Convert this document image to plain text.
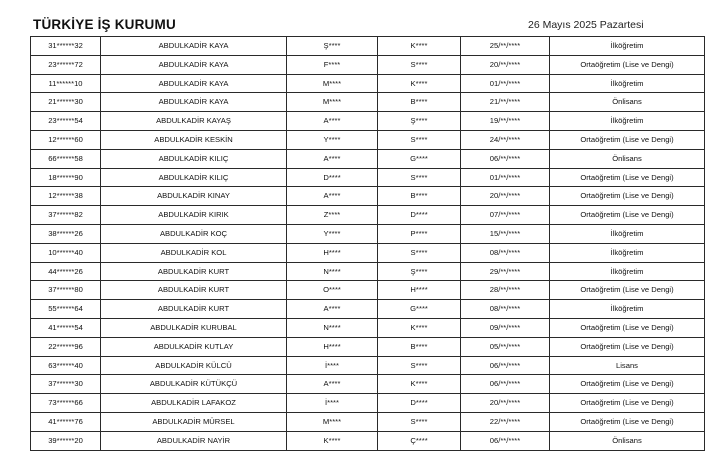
TÜRKİYE İŞ KURUMU	26 Mayıs 2025 Pazartesi
31******32	ABDULKADİR KAYA	Ş****	K****	25/**/****	İlköğretim
23******72	ABDULKADİR KAYA	F****	S****	20/**/****	Ortaöğretim (Lise ve Dengi)
11******10	ABDULKADİR KAYA	M****	K****	01/**/****	İlköğretim
21******30	ABDULKADİR KAYA	M****	B****	21/**/****	Önlisans
23******54	ABDULKADİR KAYAŞ	A****	Ş****	19/**/****	İlköğretim
12******60	ABDULKADİR KESKİN	Y****	S****	24/**/****	Ortaöğretim (Lise ve Dengi)
66******58	ABDULKADİR KILIÇ	A****	G****	06/**/****	Önlisans
18******90	ABDULKADİR KILIÇ	D****	S****	01/**/****	Ortaöğretim (Lise ve Dengi)
12******38	ABDULKADİR KINAY	A****	B****	20/**/****	Ortaöğretim (Lise ve Dengi)
37******82	ABDULKADİR KIRIK	Z****	D****	07/**/****	Ortaöğretim (Lise ve Dengi)
38******26	ABDULKADİR KOÇ	Y****	P****	15/**/****	İlköğretim
10******40	ABDULKADİR KOL	H****	S****	08/**/****	İlköğretim
44******26	ABDULKADİR KURT	N****	Ş****	29/**/****	İlköğretim
37******80	ABDULKADİR KURT	O****	H****	28/**/****	Ortaöğretim (Lise ve Dengi)
55******64	ABDULKADİR KURT	A****	G****	08/**/****	İlköğretim
41******54	ABDULKADİR KURUBAL	N****	K****	09/**/****	Ortaöğretim (Lise ve Dengi)
22******96	ABDULKADİR KUTLAY	H****	B****	05/**/****	Ortaöğretim (Lise ve Dengi)
63******40	ABDULKADİR KÜLCÜ	İ****	S****	06/**/****	Lisans
37******30	ABDULKADİR KÜTÜKÇÜ	A****	K****	06/**/****	Ortaöğretim (Lise ve Dengi)
73******66	ABDULKADİR LAFAKOZ	İ****	D****	20/**/****	Ortaöğretim (Lise ve Dengi)
41******76	ABDULKADİR MÜRSEL	M****	S****	22/**/****	Ortaöğretim (Lise ve Dengi)
39******20	ABDULKADİR NAYİR	K****	Ç****	06/**/****	Önlisans
